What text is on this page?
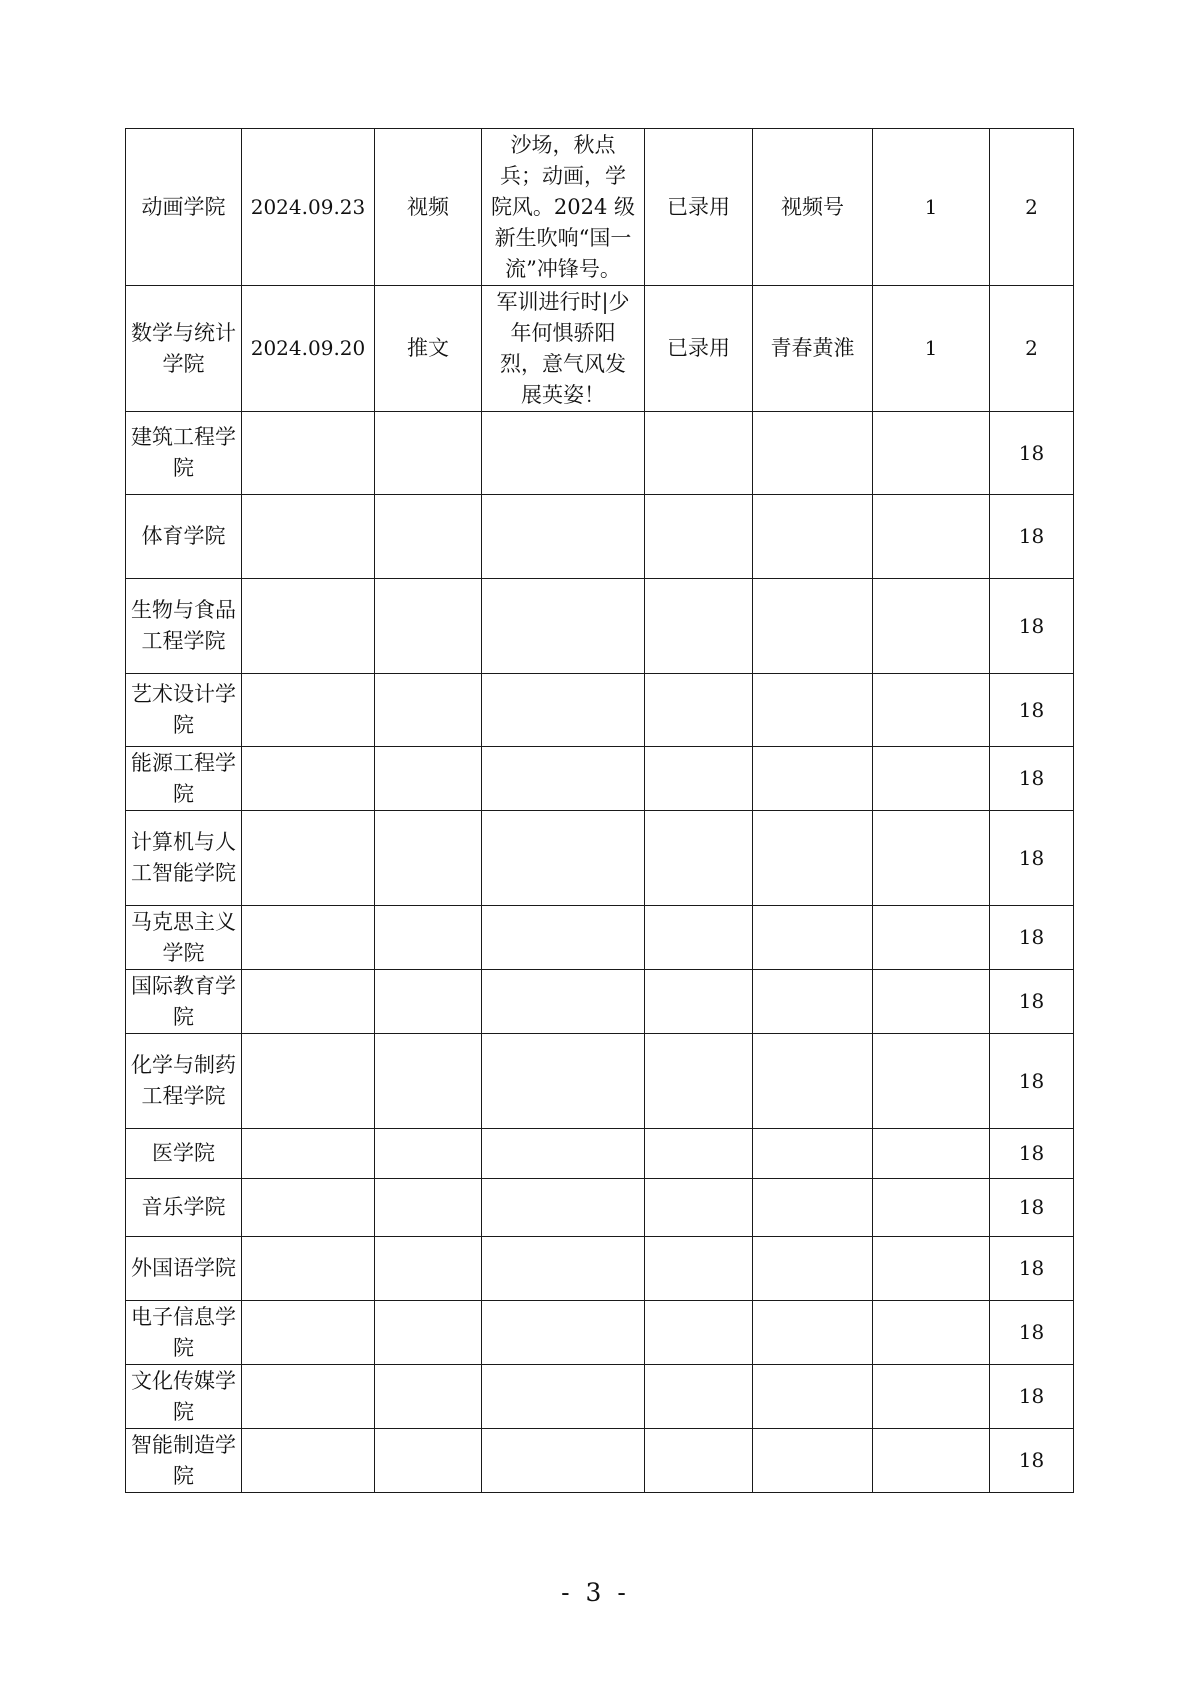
动画学院	2024.09.23	视频	沙场，秋点兵；动画，学院风。2024 级新生吹响“国一流”冲锋号。	已录用	视频号	1	2
数学与统计学院	2024.09.20	推文	军训进行时|少年何惧骄阳烈，意气风发展英姿！	已录用	青春黄淮	1	2
建筑工程学院							18
体育学院							18
生物与食品工程学院							18
艺术设计学院							18
能源工程学院							18
计算机与人工智能学院							18
马克思主义学院							18
国际教育学院							18
化学与制药工程学院							18
医学院							18
音乐学院							18
外国语学院							18
电子信息学院							18
文化传媒学院							18
智能制造学院							18
- 3 -
